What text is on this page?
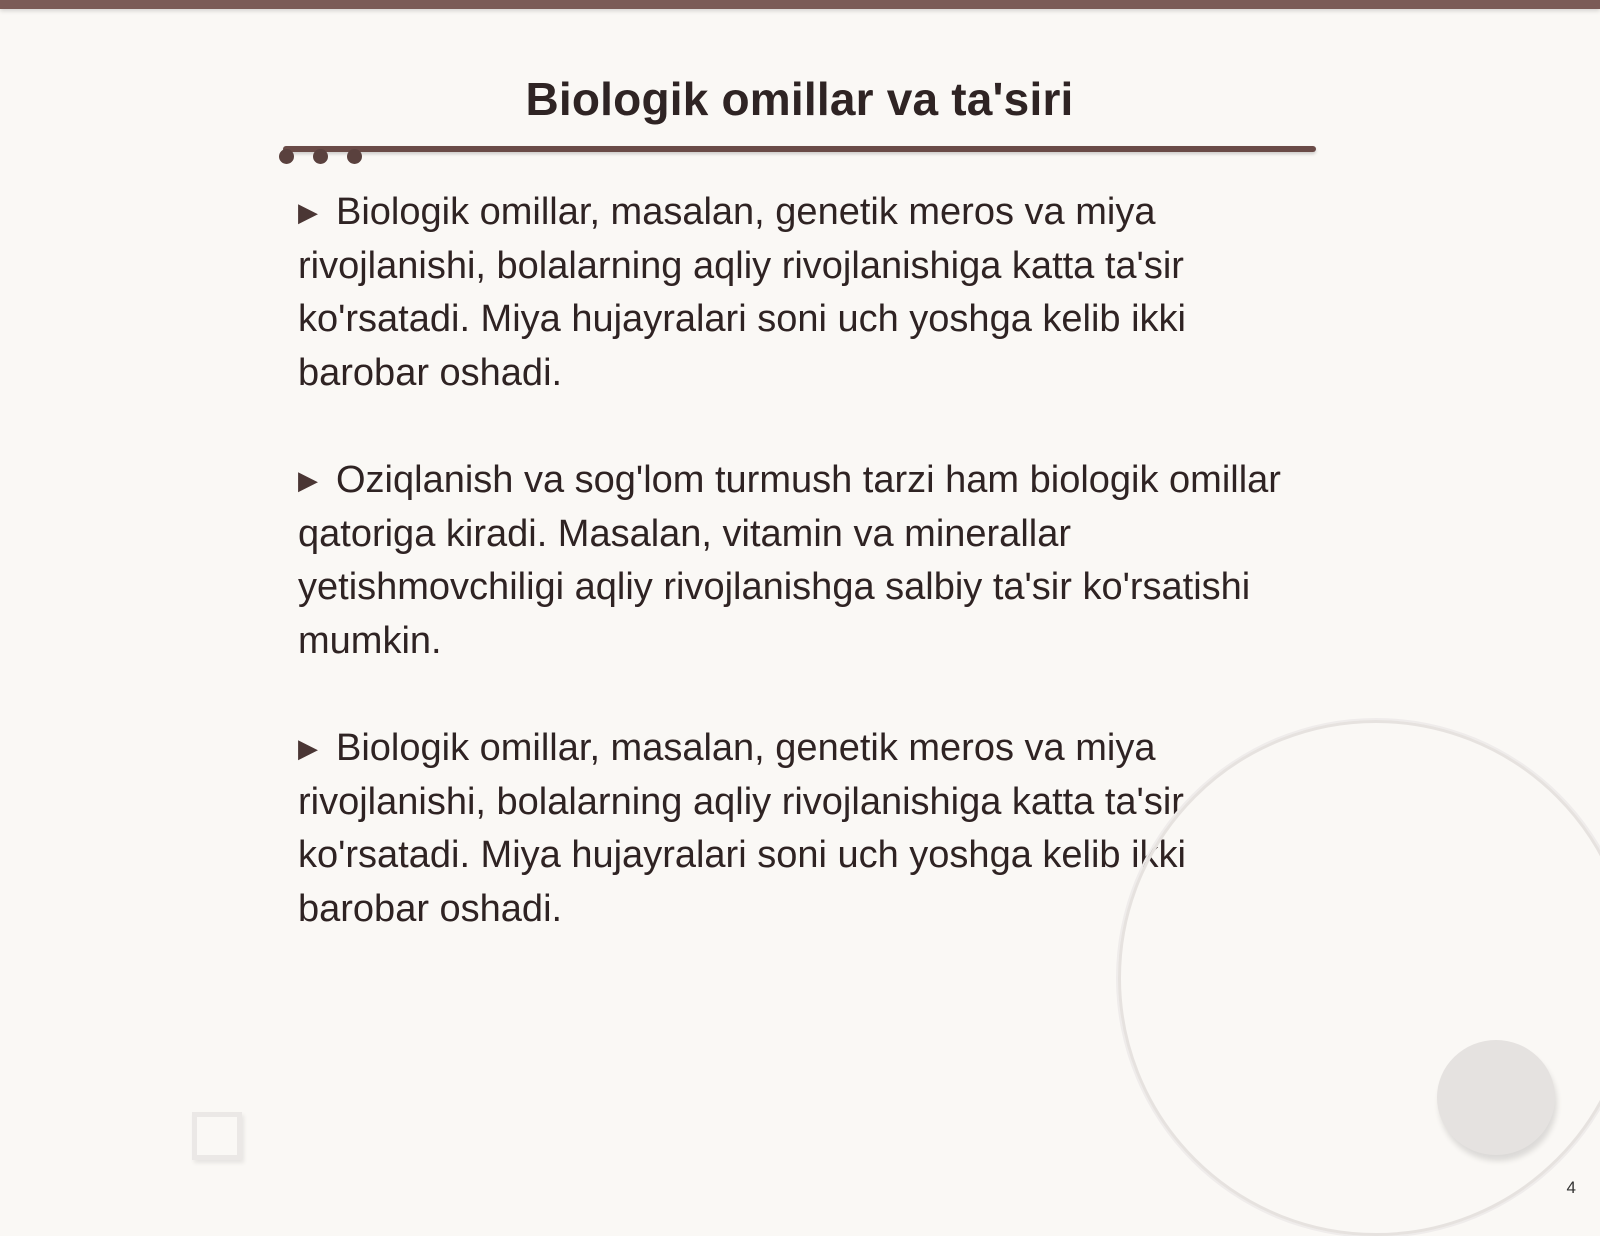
Biologik omillar va ta'siri

▶ Biologik omillar, masalan, genetik meros va miya rivojlanishi, bolalarning aqliy rivojlanishiga katta ta'sir ko'rsatadi. Miya hujayralari soni uch yoshga kelib ikki barobar oshadi.

▶ Oziqlanish va sog'lom turmush tarzi ham biologik omillar qatoriga kiradi. Masalan, vitamin va minerallar yetishmovchiligi aqliy rivojlanishga salbiy ta'sir ko'rsatishi mumkin.

▶ Biologik omillar, masalan, genetik meros va miya rivojlanishi, bolalarning aqliy rivojlanishiga katta ta'sir ko'rsatadi. Miya hujayralari soni uch yoshga kelib ikki barobar oshadi.

4
